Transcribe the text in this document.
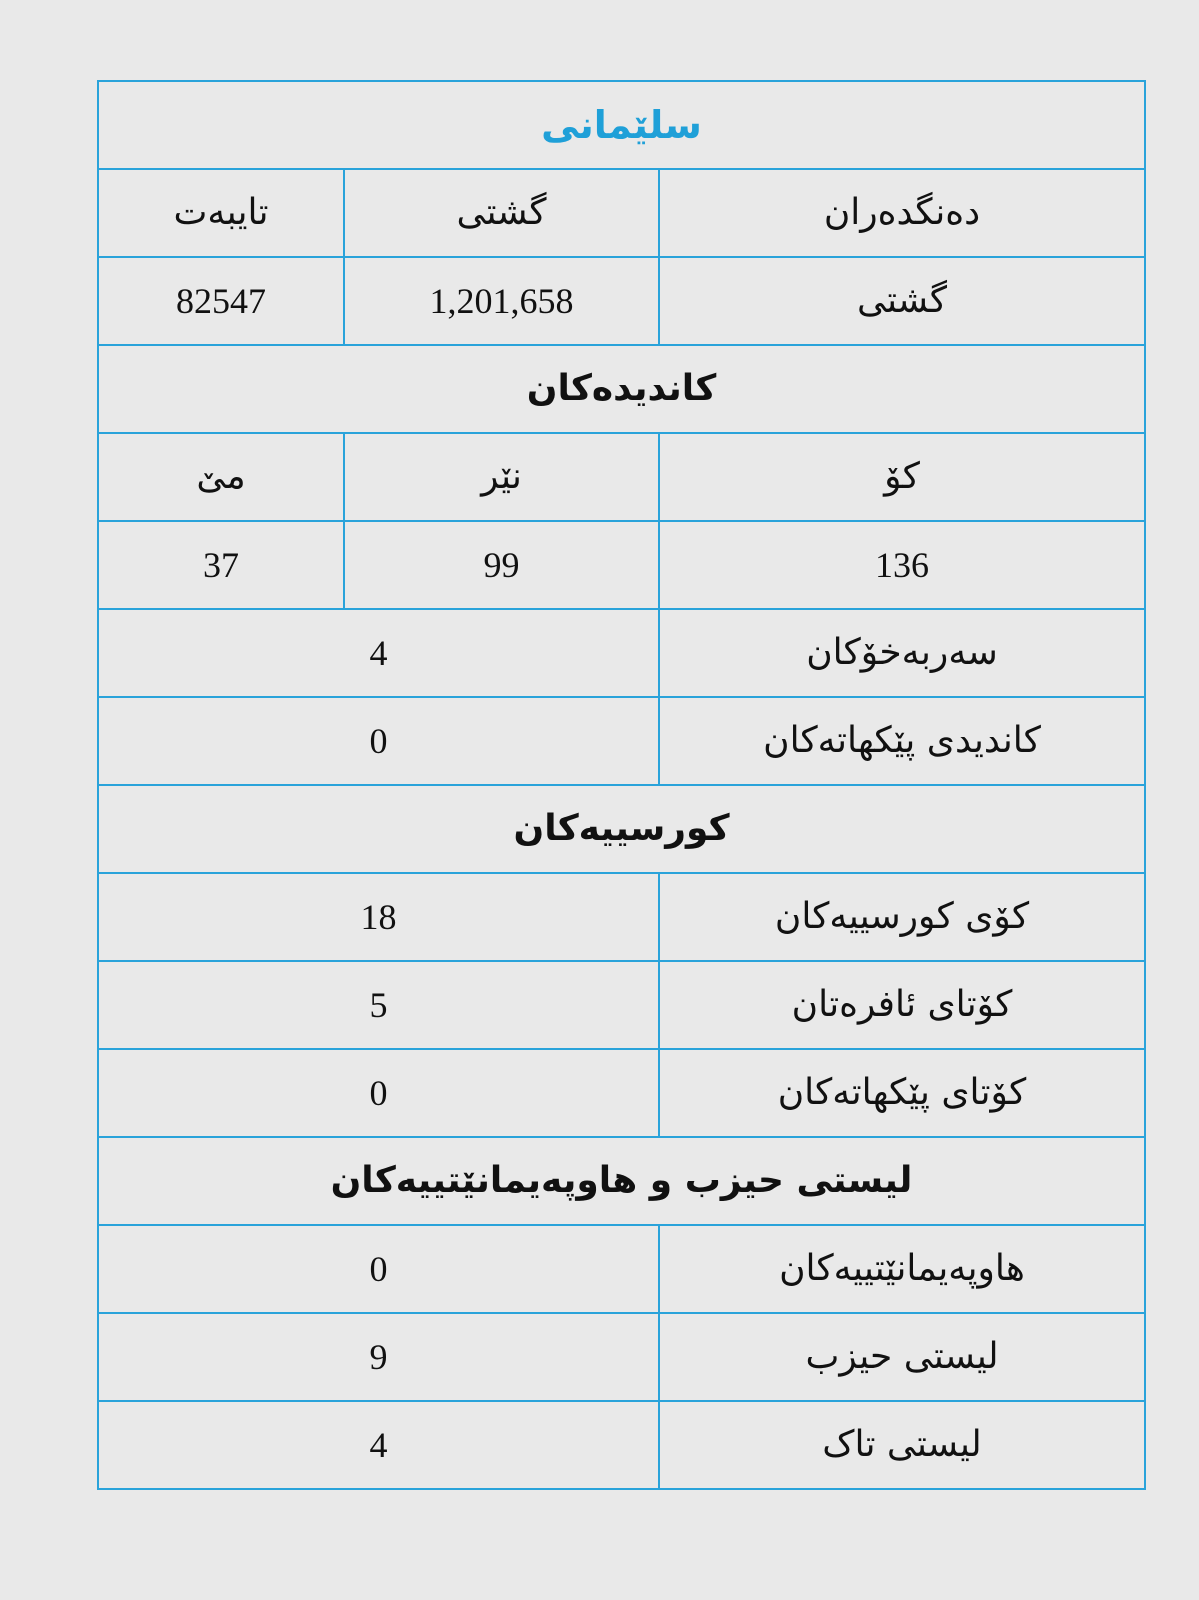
سلێمانی		
تایبەت	گشتی	دەنگدەران
82547	1,201,658	گشتی
کاندیدەکان		
مێ	نێر	کۆ
37	99	136
4		سەربەخۆکان
0		کاندیدی پێکهاتەکان
کورسییەکان		
18		کۆی کورسییەکان
5		کۆتای ئافرەتان
0		کۆتای پێکهاتەکان
لیستی حیزب و هاوپەیمانێتییەکان		
0		هاوپەیمانێتییەکان
9		لیستی حیزب
4		لیستی تاک
